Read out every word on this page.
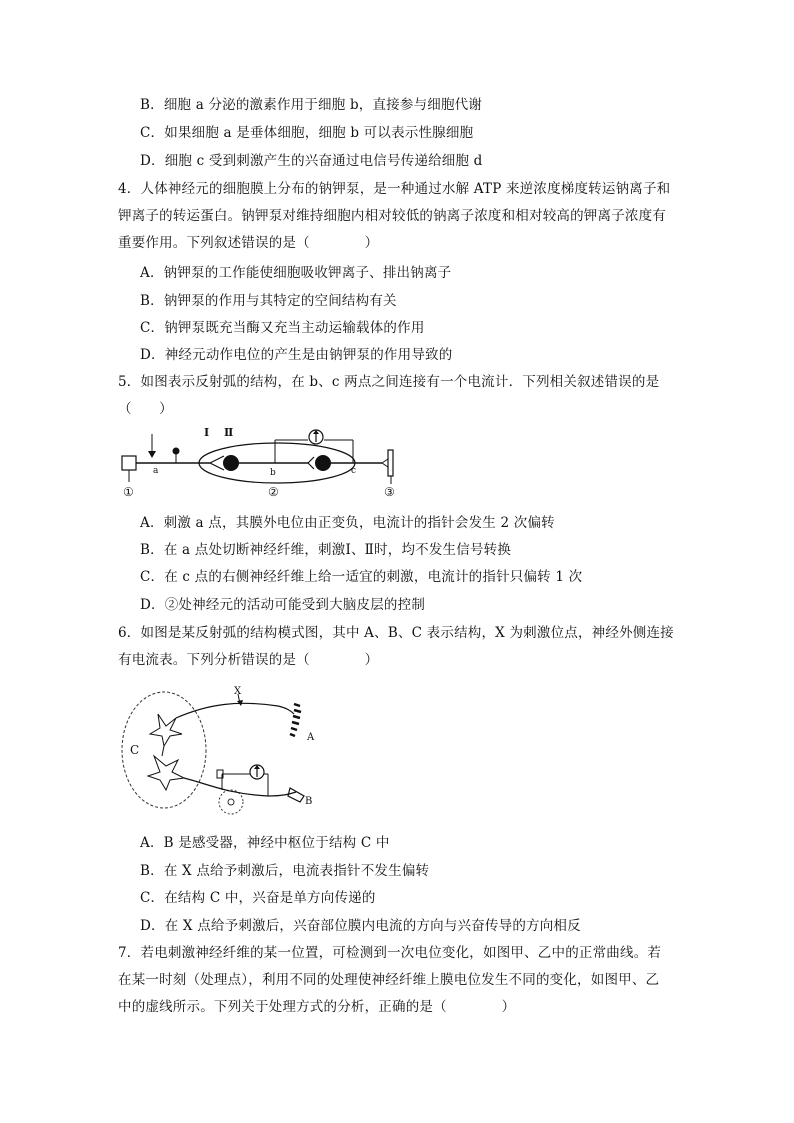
B．细胞 a 分泌的激素作用于细胞 b，直接参与细胞代谢
C．如果细胞 a 是垂体细胞，细胞 b 可以表示性腺细胞
D．细胞 c 受到刺激产生的兴奋通过电信号传递给细胞 d
4．人体神经元的细胞膜上分布的钠钾泵，是一种通过水解 ATP 来逆浓度梯度转运钠离子和
钾离子的转运蛋白。钠钾泵对维持细胞内相对较低的钠离子浓度和相对较高的钾离子浓度有
重要作用。下列叙述错误的是（　　　　）
A．钠钾泵的工作能使细胞吸收钾离子、排出钠离子
B．钠钾泵的作用与其特定的空间结构有关
C．钠钾泵既充当酶又充当主动运输载体的作用
D．神经元动作电位的产生是由钠钾泵的作用导致的
5．如图表示反射弧的结构，在 b、c 两点之间连接有一个电流计．下列相关叙述错误的是
（　　）
Ⅰ Ⅱ
a	b	c
①	②	③
A．刺激 a 点，其膜外电位由正变负，电流计的指针会发生 2 次偏转
B．在 a 点处切断神经纤维，刺激Ⅰ、Ⅱ时，均不发生信号转换
C．在 c 点的右侧神经纤维上给一适宜的刺激，电流计的指针只偏转 1 次
D．②处神经元的活动可能受到大脑皮层的控制
6．如图是某反射弧的结构模式图，其中 A、B、C 表示结构，X 为刺激位点，神经外侧连接
有电流表。下列分析错误的是（　　　　）
X
A
B
C
A．B 是感受器，神经中枢位于结构 C 中
B．在 X 点给予刺激后，电流表指针不发生偏转
C．在结构 C 中，兴奋是单方向传递的
D．在 X 点给予刺激后，兴奋部位膜内电流的方向与兴奋传导的方向相反
7．若电刺激神经纤维的某一位置，可检测到一次电位变化，如图甲、乙中的正常曲线。若
在某一时刻（处理点），利用不同的处理使神经纤维上膜电位发生不同的变化，如图甲、乙
中的虚线所示。下列关于处理方式的分析，正确的是（　　　　）
